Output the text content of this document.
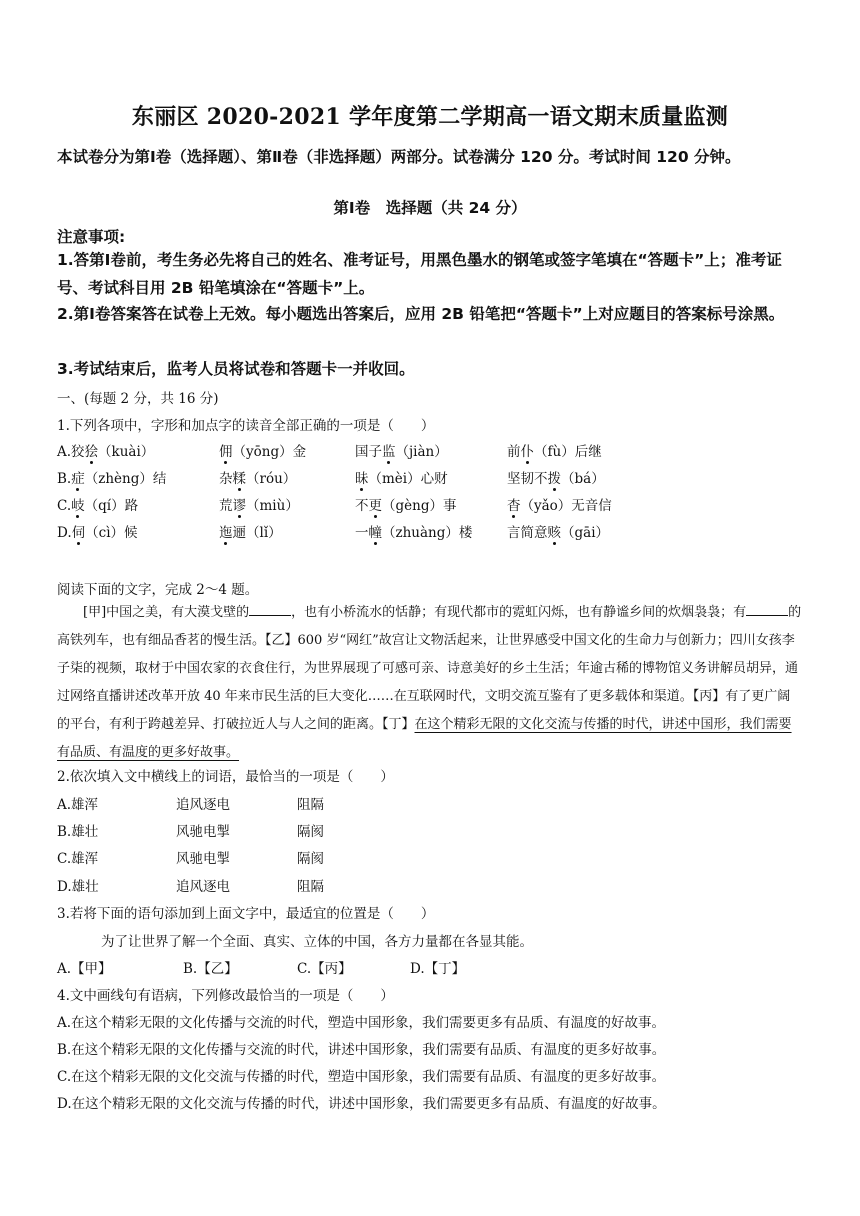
东丽区 2020-2021 学年度第二学期高一语文期末质量监测
本试卷分为第Ⅰ卷（选择题）、第Ⅱ卷（非选择题）两部分。试卷满分 120 分。考试时间 120 分钟。
第Ⅰ卷　选择题（共 24 分）
注意事项:
1.答第Ⅰ卷前，考生务必先将自己的姓名、准考证号，用黑色墨水的钢笔或签字笔填在“答题卡”上；准考证号、考试科目用 2B 铅笔填涂在“答题卡”上。
2.第Ⅰ卷答案答在试卷上无效。每小题选出答案后，应用 2B 铅笔把“答题卡”上对应题目的答案标号涂黑。
3.考试结束后，监考人员将试卷和答题卡一并收回。
一、(每题 2 分，共 16 分)
1.下列各项中，字形和加点字的读音全部正确的一项是（　　）
A.狡狯（kuài）	佣（yōng）金	国子监（jiàn）	前仆（fù）后继
B.症（zhèng）结	杂糅（róu）	昧（mèi）心财	坚韧不拨（bá）
C.岐（qí）路	荒谬（miù）	不更（gèng）事	杳（yǎo）无音信
D.伺（cì）候	迤逦（lǐ）	一幢（zhuàng）楼	言简意赅（gāi）
阅读下面的文字，完成 2～4 题。
[甲]中国之美，有大漠戈壁的	，也有小桥流水的恬静；有现代都市的霓虹闪烁，也有静谧乡间的炊烟袅袅；有	的高铁列车，也有细品香茗的慢生活。【乙】600 岁“网红”故宫让文物活起来，让世界感受中国文化的生命力与创新力；四川女孩李子柒的视频，取材于中国农家的衣食住行，为世界展现了可感可亲、诗意美好的乡土生活；年逾古稀的博物馆义务讲解员胡异，通过网络直播讲述改革开放 40 年来市民生活的巨大变化……在互联网时代，文明交流互鉴有了更多载体和渠道。【丙】有了更广阔的平台，有利于跨越差异、打破拉近人与人之间的距离。【丁】在这个精彩无限的文化交流与传播的时代，讲述中国形，我们需要有品质、有温度的更多好故事。
2.依次填入文中横线上的词语，最恰当的一项是（　　）
A.雄浑	追风逐电	阻隔
B.雄壮	风驰电掣	隔阂
C.雄浑	风驰电掣	隔阂
D.雄壮	追风逐电	阻隔
3.若将下面的语句添加到上面文字中，最适宜的位置是（　　）
为了让世界了解一个全面、真实、立体的中国，各方力量都在各显其能。
A.【甲】	B.【乙】	C.【丙】	D.【丁】
4.文中画线句有语病，下列修改最恰当的一项是（　　）
A.在这个精彩无限的文化传播与交流的时代，塑造中国形象，我们需要更多有品质、有温度的好故事。
B.在这个精彩无限的文化传播与交流的时代，讲述中国形象，我们需要有品质、有温度的更多好故事。
C.在这个精彩无限的文化交流与传播的时代，塑造中国形象，我们需要有品质、有温度的更多好故事。
D.在这个精彩无限的文化交流与传播的时代，讲述中国形象，我们需要更多有品质、有温度的好故事。
